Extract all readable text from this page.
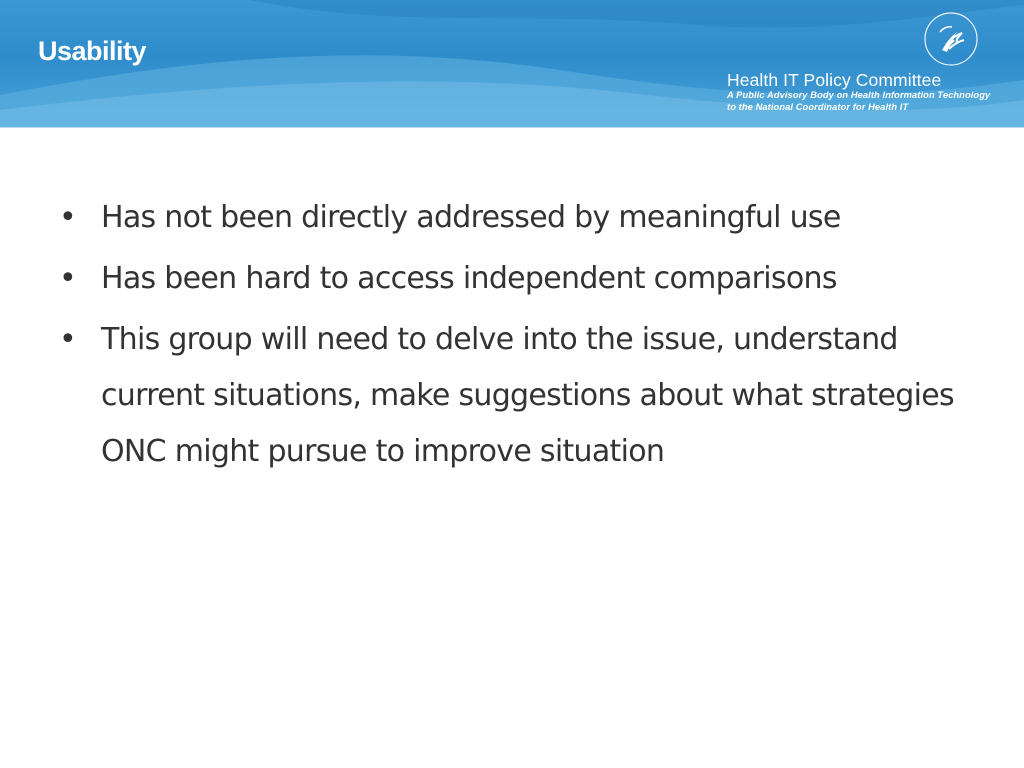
Usability
Health IT Policy Committee
A Public Advisory Body on Health Information Technology
to the National Coordinator for Health IT
• Has not been directly addressed by meaningful use
• Has been hard to access independent comparisons
• This group will need to delve into the issue, understand current situations, make suggestions about what strategies ONC might pursue to improve situation
